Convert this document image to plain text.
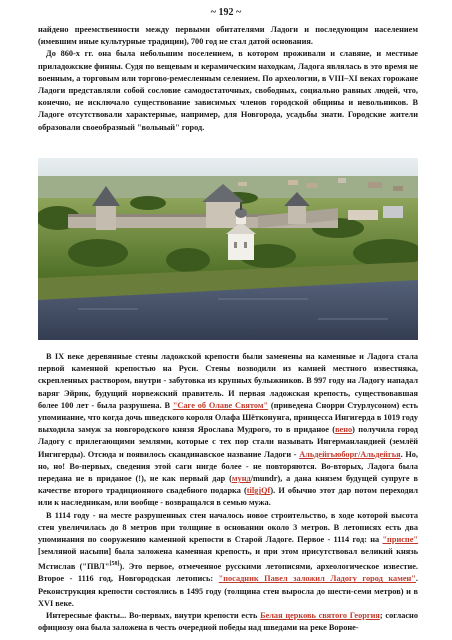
~ 192 ~

найдено преемственности между первыми обитателями Ладоги и последующим населением (имевшим иные культурные традиции), 700 год не стал датой основания.

До 860-х гг. она была небольшим поселением, в котором проживали и славяне, и местные приладожские финны. Судя по вещевым и керамическим находкам, Ладога являлась в это время не военным, а торговым или торгово-ремесленным селением. По археологии, в VIII–XI веках горожане Ладоги представляли собой сословие самодостаточных, свободных, социально равных людей, что, конечно, не исключало существование зависимых членов городской общины и невольников. В Ладоге отсутствовали характерные, например, для Новгорода, усадьбы знати. Городские жители образовали своеобразный "вольный" город.

В IX веке деревянные стены ладожской крепости были заменены на каменные и Ладога стала первой каменной крепостью на Руси. Стены возводили из камней местного известняка, скрепленных раствором, внутри - забутовка из крупных булыжников. В 997 году на Ладогу нападал варяг Эйрик, будущий норвежский правитель. И первая ладожская крепость, существовавшая более 100 лет - была разрушена. В "Саге об Олаве Святом" (приведена Снорри Стурлусоном) есть упоминание, что когда дочь шведского короля Олафа Шётконунга, принцесса Ингигерда в 1019 году выходила замуж за новгородского князя Ярослава Мудрого, то в приданое (вено) получила город Ладогу с прилегающими землями, которые с тех пор стали называть Ингерманландией (землёй Ингигерды). Отсюда и появилось скандинавское название Ладоги - Альдейгьюборг/Альдейгья. Но, но, но! Во-первых, сведения этой саги нигде более - не повторяются. Во-вторых, Ладога была передана не в приданое (!), не как первый дар (мунд/mundr), а дана князем будущей супруге в качестве второго традиционного свадебного подарка (tilgjQf). И обычно этот дар потом переходил или к наследникам, или вообще - возвращался в семью мужа.

В 1114 году - на месте разрушенных стен началось новое строительство, в ходе которой высота стен увеличилась до 8 метров при толщине в основании около 3 метров. В летописях есть два упоминания по сооружению каменной крепости в Старой Ладоге. Первое - 1114 год: на "приспе" [земляной насыпи] была заложена каменная крепость, и при этом присутствовал великий князь Мстислав ("ПВЛ"[58]). Это первое, отмеченное русскими летописями, археологическое известие. Второе - 1116 год, Новгородская летопись: "посадник Павел заложил Ладогу город камен". Реконструкция крепости состоялись в 1495 году (толщина стен выросла до шести-семи метров) и в XVI веке.

Интересные факты... Во-первых, внутри крепости есть Белая церковь святого Георгия; согласно официозу она была заложена в честь очередной победы над шведами на реке Вороне-
